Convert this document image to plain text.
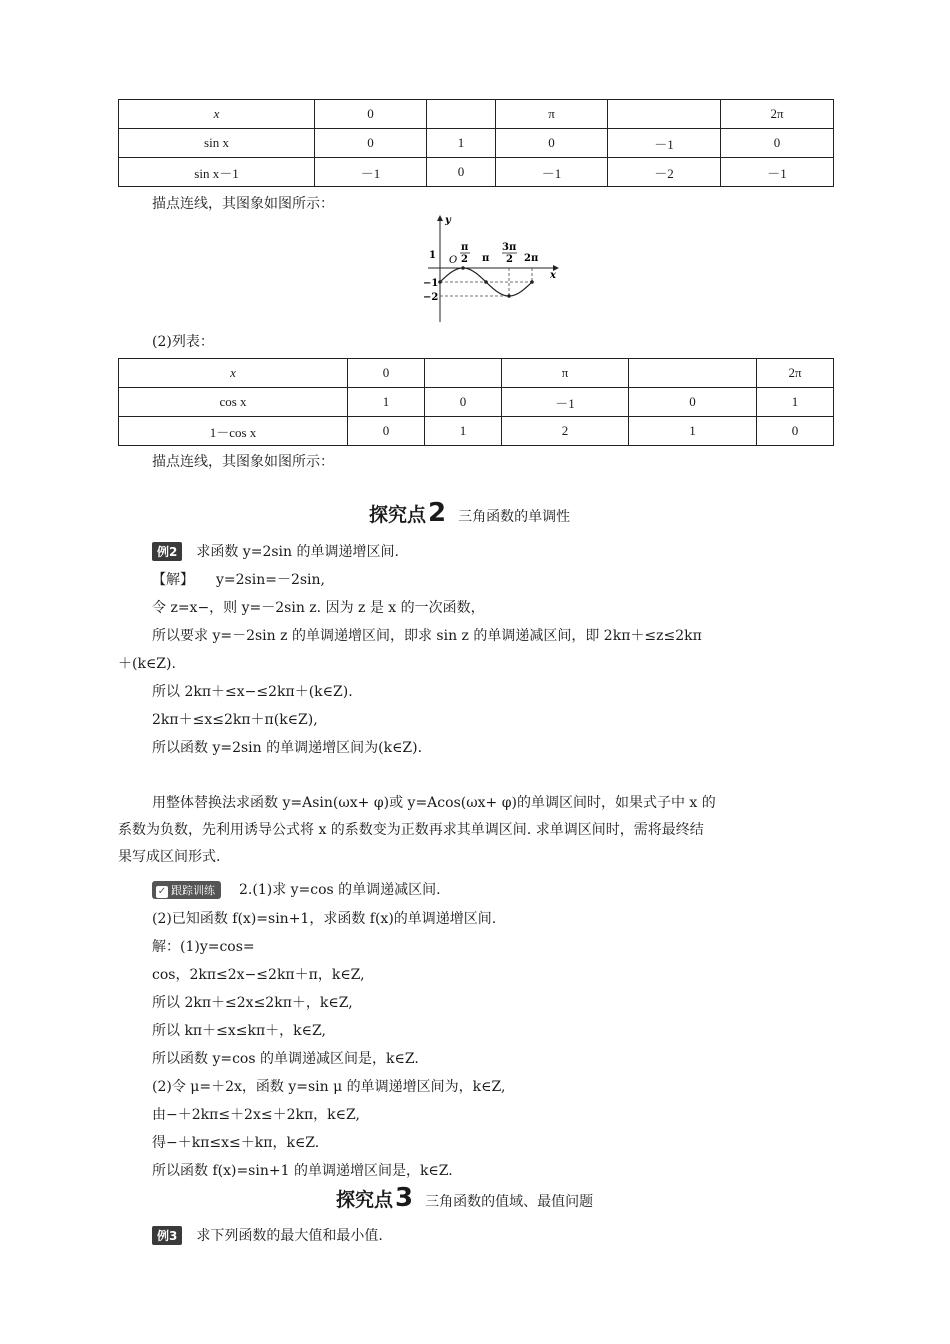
x	0		π		2π
sin x	0	1	0	－1	0
sin x－1	－1	0	－1	－2	－1
描点连线，其图象如图所示：
O
y
x
1
−1
−2
π
2 π
3π
2 2π
(2)列表：
x	0		π		2π
cos x	1	0	－1	0	1
1－cos x	0	1	2	1	0
描点连线，其图象如图所示：
探究点2 三角函数的单调性
例2 求函数 y=2sin 的单调递增区间.
【解】 y=2sin=－2sin,
令 z=x−，则 y=－2sin z. 因为 z 是 x 的一次函数，
所以要求 y=－2sin z 的单调递增区间，即求 sin z 的单调递减区间，即 2kπ＋≤z≤2kπ
＋(k∈Z).
所以 2kπ＋≤x−≤2kπ＋(k∈Z).
2kπ＋≤x≤2kπ＋π(k∈Z),
所以函数 y=2sin 的单调递增区间为(k∈Z).
用整体替换法求函数 y=Asin(ωx+ φ)或 y=Acos(ωx+ φ)的单调区间时，如果式子中 x 的
系数为负数，先利用诱导公式将 x 的系数变为正数再求其单调区间. 求单调区间时，需将最终结
果写成区间形式.
✓ 跟踪训练 2.(1)求 y=cos 的单调递减区间.
(2)已知函数 f(x)=sin+1，求函数 f(x)的单调递增区间.
解：(1)y=cos=
cos，2kπ≤2x−≤2kπ＋π，k∈Z,
所以 2kπ＋≤2x≤2kπ＋，k∈Z,
所以 kπ＋≤x≤kπ＋，k∈Z,
所以函数 y=cos 的单调递减区间是，k∈Z.
(2)令 μ=＋2x，函数 y=sin μ 的单调递增区间为，k∈Z,
由−＋2kπ≤＋2x≤＋2kπ，k∈Z,
得−＋kπ≤x≤＋kπ，k∈Z.
所以函数 f(x)=sin+1 的单调递增区间是，k∈Z.
探究点3 三角函数的值域、最值问题
例3 求下列函数的最大值和最小值.
